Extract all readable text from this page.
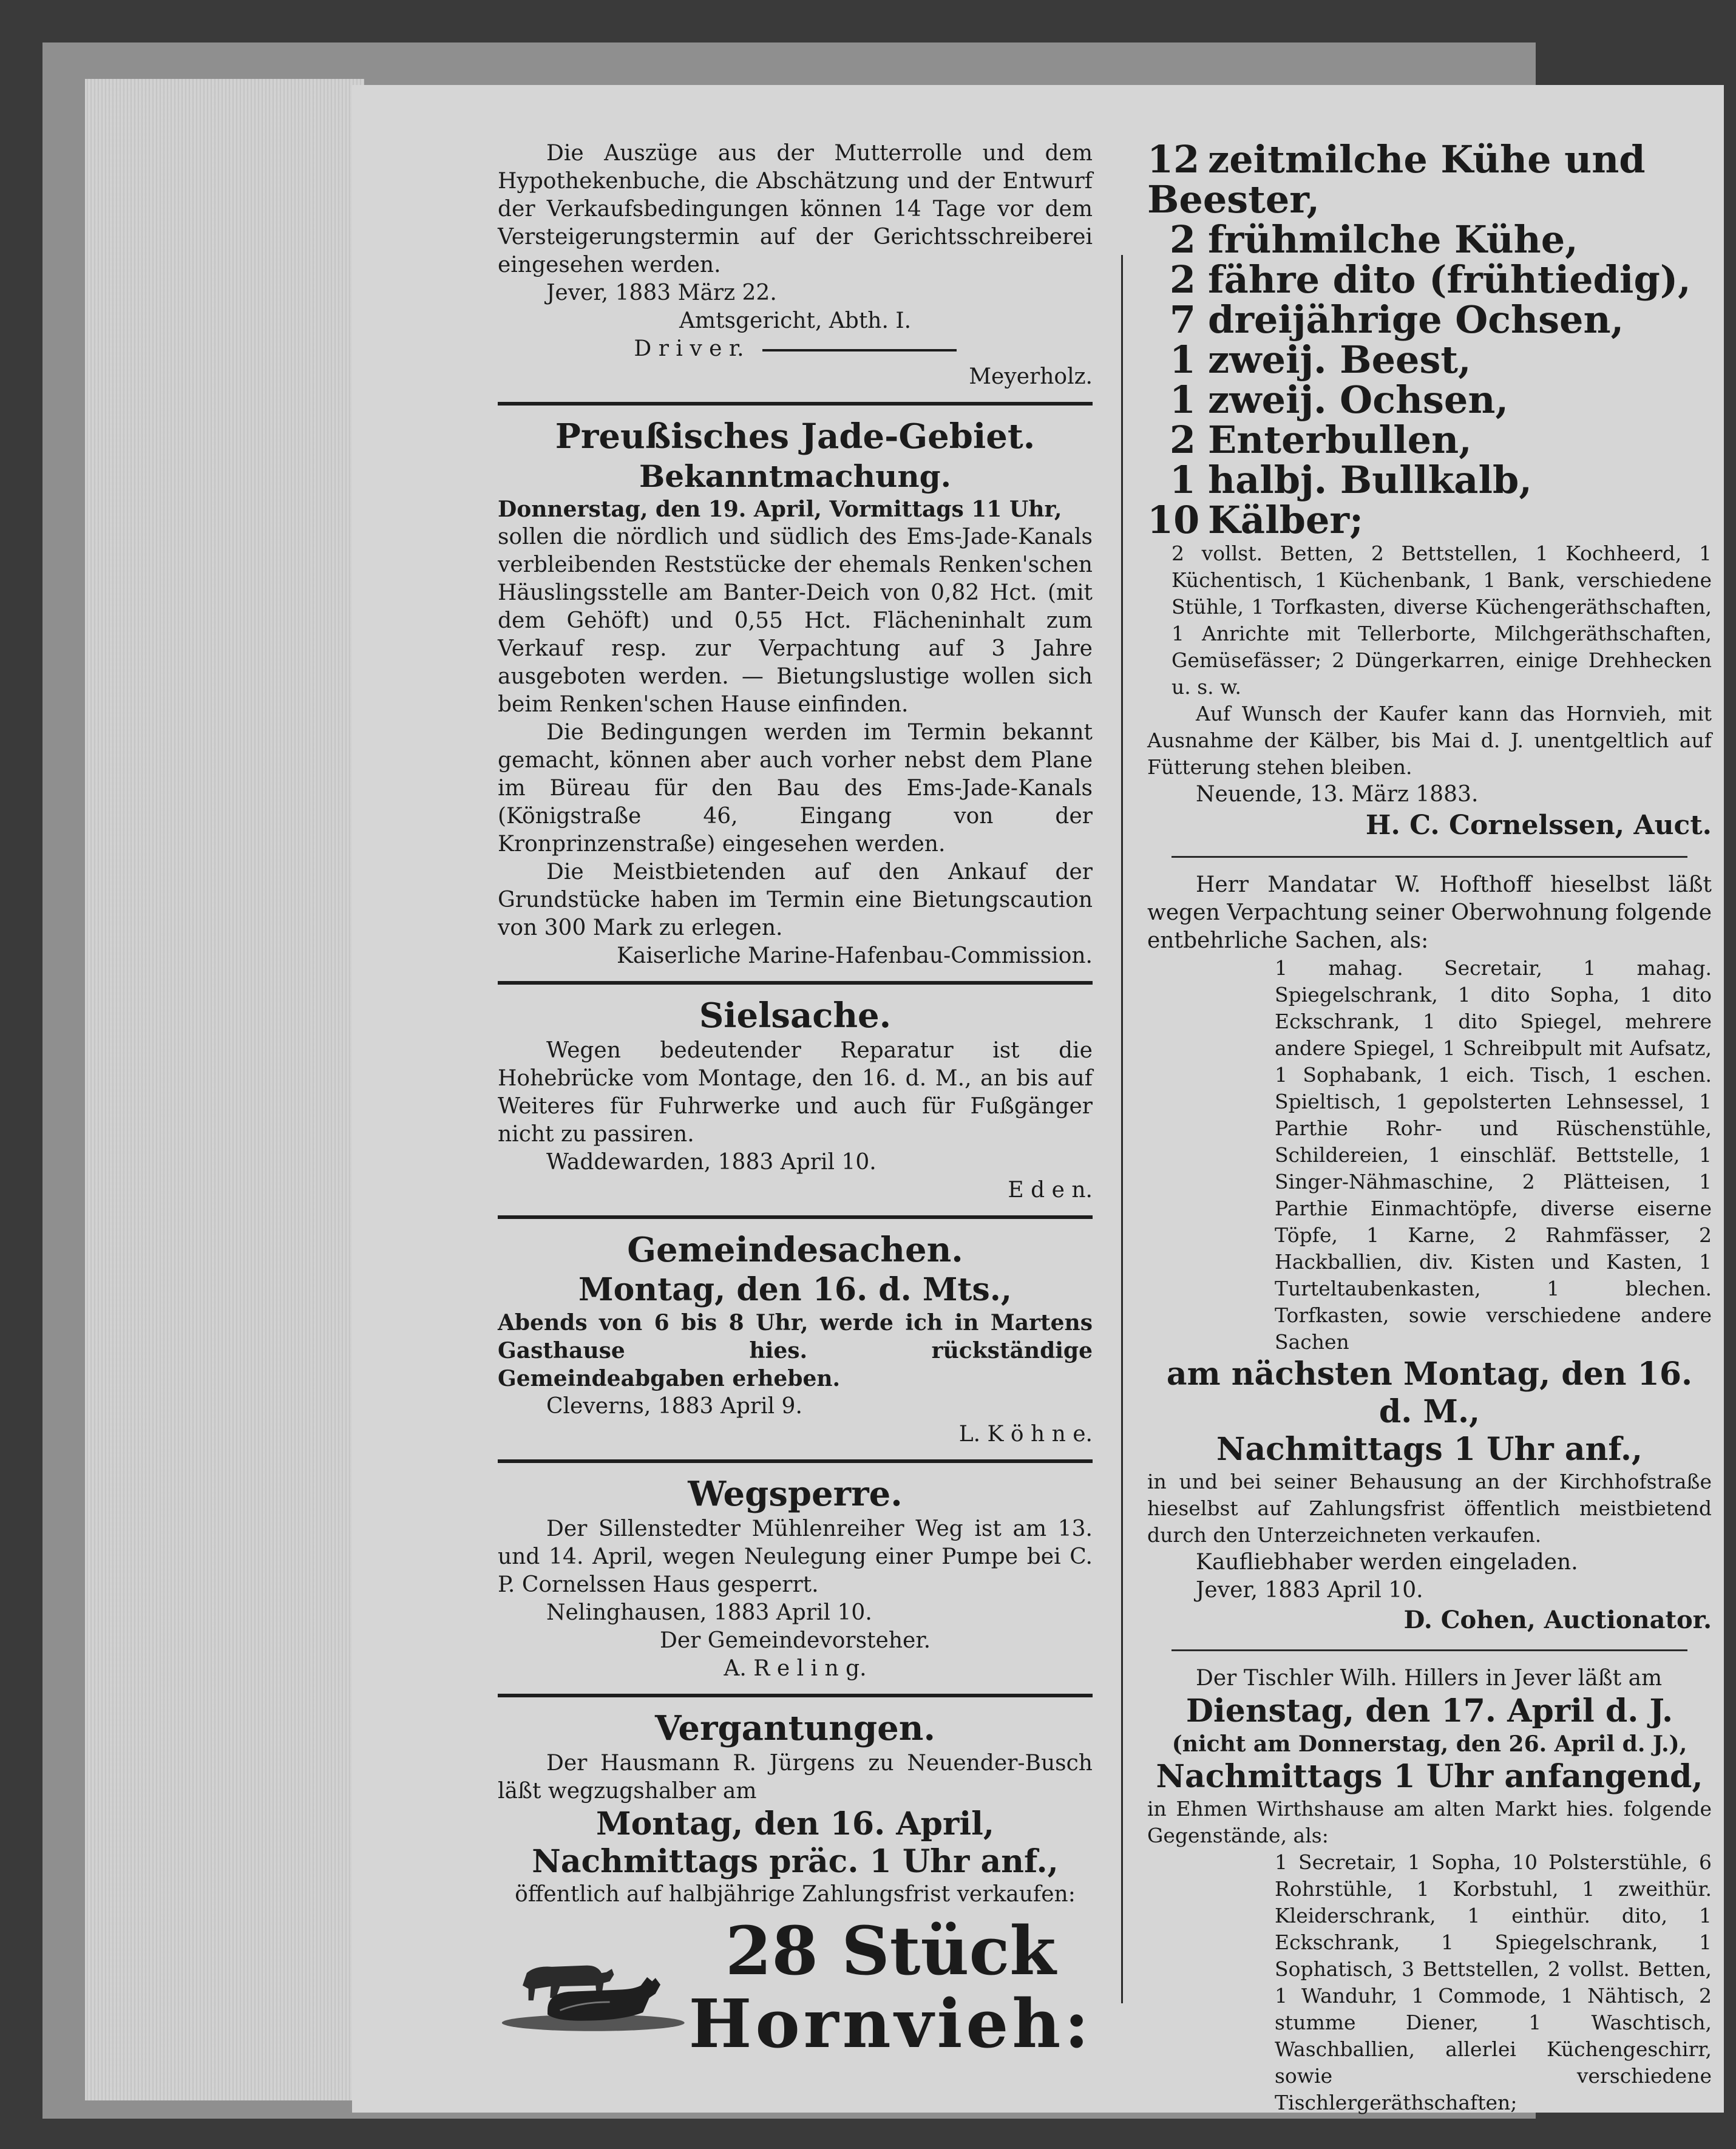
Die Auszüge aus der Mutterrolle und dem Hypothekenbuche, die Abschätzung und der Entwurf der Verkaufsbedingungen können 14 Tage vor dem Versteigerungstermin auf der Gerichtsschreiberei eingesehen werden.

Jever, 1883 März 22.

Amtsgericht, Abth. I.

D r i v e r.

Meyerholz.

Preußisches Jade-Gebiet.
Bekanntmachung.

Donnerstag, den 19. April, Vormittags 11 Uhr,

sollen die nördlich und südlich des Ems-Jade-Kanals verbleibenden Reststücke der ehemals Renken'schen Häuslingsstelle am Banter-Deich von 0,82 Hct. (mit dem Gehöft) und 0,55 Hct. Flächeninhalt zum Verkauf resp. zur Verpachtung auf 3 Jahre ausgeboten werden. — Bietungslustige wollen sich beim Renken'schen Hause einfinden.

Die Bedingungen werden im Termin bekannt gemacht, können aber auch vorher nebst dem Plane im Büreau für den Bau des Ems-Jade-Kanals (Königstraße 46, Eingang von der Kronprinzenstraße) eingesehen werden.

Die Meistbietenden auf den Ankauf der Grundstücke haben im Termin eine Bietungscaution von 300 Mark zu erlegen.

Kaiserliche Marine-Hafenbau-Commission.

Sielsache.

Wegen bedeutender Reparatur ist die Hohebrücke vom Montage, den 16. d. M., an bis auf Weiteres für Fuhrwerke und auch für Fußgänger nicht zu passiren.

Waddewarden, 1883 April 10.

E d e n.

Gemeindesachen.
Montag, den 16. d. Mts.,

Abends von 6 bis 8 Uhr, werde ich in Martens Gasthause hies. rückständige Gemeindeabgaben erheben.

Cleverns, 1883 April 9.

L. K ö h n e.

Wegsperre.

Der Sillenstedter Mühlenreiher Weg ist am 13. und 14. April, wegen Neulegung einer Pumpe bei C. P. Cornelssen Haus gesperrt.

Nelinghausen, 1883 April 10.

Der Gemeindevorsteher.

A. R e l i n g.

Vergantungen.

Der Hausmann R. Jürgens zu Neuender-Busch läßt wegzugshalber am

Montag, den 16. April,
Nachmittags präc. 1 Uhr anf.,

öffentlich auf halbjährige Zahlungsfrist verkaufen:

28 Stück
Hornvieh:
12 zeitmilche Kühe und Beester,
2 frühmilche Kühe,
2 fähre dito (frühtiedig),
7 dreijährige Ochsen,
1 zweij. Beest,
1 zweij. Ochsen,
2 Enterbullen,
1 halbj. Bullkalb,
10 Kälber;

2 vollst. Betten, 2 Bettstellen, 1 Kochheerd, 1 Küchentisch, 1 Küchenbank, 1 Bank, verschiedene Stühle, 1 Torfkasten, diverse Küchengeräthschaften, 1 Anrichte mit Tellerborte, Milchgeräthschaften, Gemüsefässer; 2 Düngerkarren, einige Drehhecken u. s. w.

Auf Wunsch der Kaufer kann das Hornvieh, mit Ausnahme der Kälber, bis Mai d. J. unentgeltlich auf Fütterung stehen bleiben.

Neuende, 13. März 1883.

H. C. Cornelssen, Auct.

Herr Mandatar W. Hofthoff hieselbst läßt wegen Verpachtung seiner Oberwohnung folgende entbehrliche Sachen, als:

1 mahag. Secretair, 1 mahag. Spiegelschrank, 1 dito Sopha, 1 dito Eckschrank, 1 dito Spiegel, mehrere andere Spiegel, 1 Schreibpult mit Aufsatz, 1 Sophabank, 1 eich. Tisch, 1 eschen. Spieltisch, 1 gepolsterten Lehnsessel, 1 Parthie Rohr- und Rüschenstühle, Schildereien, 1 einschläf. Bettstelle, 1 Singer-Nähmaschine, 2 Plätteisen, 1 Parthie Einmachtöpfe, diverse eiserne Töpfe, 1 Karne, 2 Rahmfässer, 2 Hackballien, div. Kisten und Kasten, 1 Turteltaubenkasten, 1 blechen. Torfkasten, sowie verschiedene andere Sachen

am nächsten Montag, den 16. d. M.,
Nachmittags 1 Uhr anf.,

in und bei seiner Behausung an der Kirchhofstraße hieselbst auf Zahlungsfrist öffentlich meistbietend durch den Unterzeichneten verkaufen.

Kaufliebhaber werden eingeladen.

Jever, 1883 April 10.

D. Cohen, Auctionator.

Der Tischler Wilh. Hillers in Jever läßt am

Dienstag, den 17. April d. J.

(nicht am Donnerstag, den 26. April d. J.),

Nachmittags 1 Uhr anfangend,

in Ehmen Wirthshause am alten Markt hies. folgende Gegenstände, als:

1 Secretair, 1 Sopha, 10 Polsterstühle, 6 Rohrstühle, 1 Korbstuhl, 1 zweithür. Kleiderschrank, 1 einthür. dito, 1 Eckschrank, 1 Spiegelschrank, 1 Sophatisch, 3 Bettstellen, 2 vollst. Betten, 1 Wanduhr, 1 Commode, 1 Nähtisch, 2 stumme Diener, 1 Waschtisch, Waschballien, allerlei Küchengeschirr, sowie verschiedene Tischlergeräthschaften;
